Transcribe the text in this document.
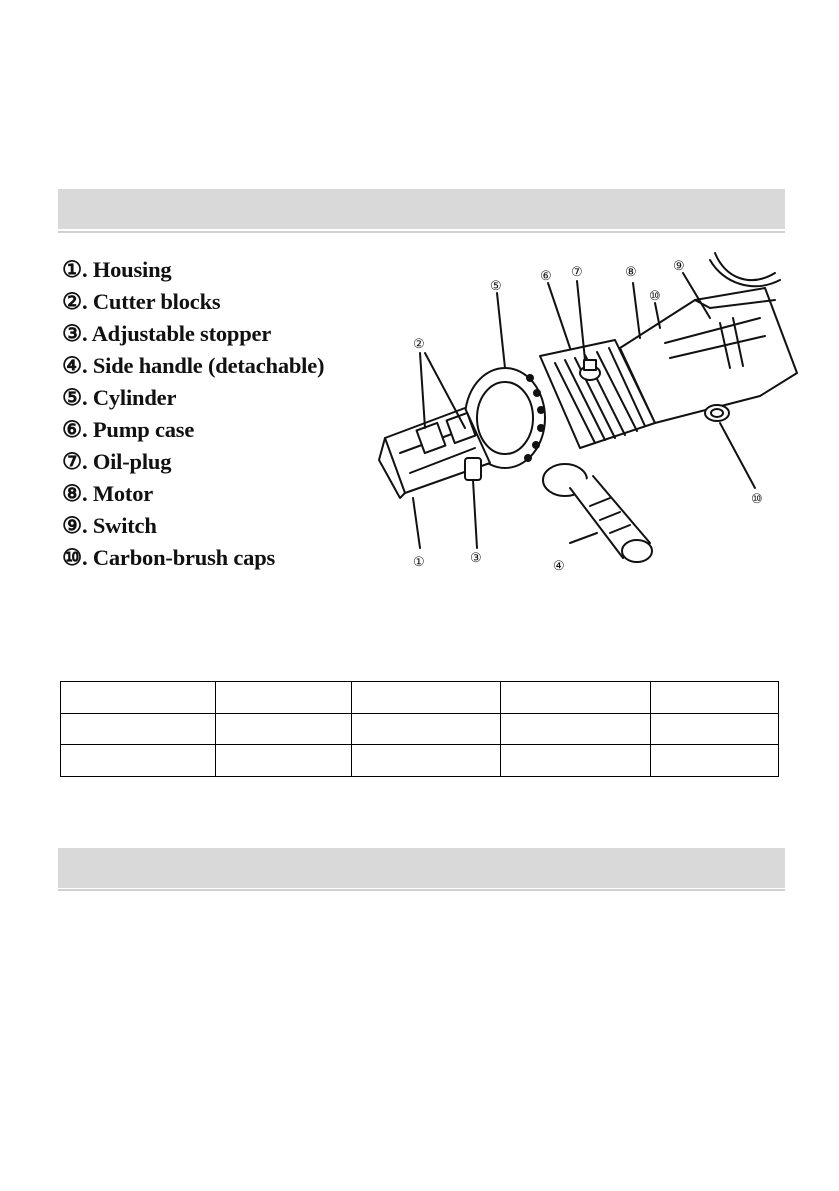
①. Housing
②. Cutter blocks
③. Adjustable stopper
④. Side handle (detachable)
⑤. Cylinder
⑥. Pump case
⑦. Oil-plug
⑧. Motor
⑨. Switch
⑩. Carbon-brush caps
②
⑤
⑥ ⑦	⑧
⑩
⑨
①	③
④
⑩
